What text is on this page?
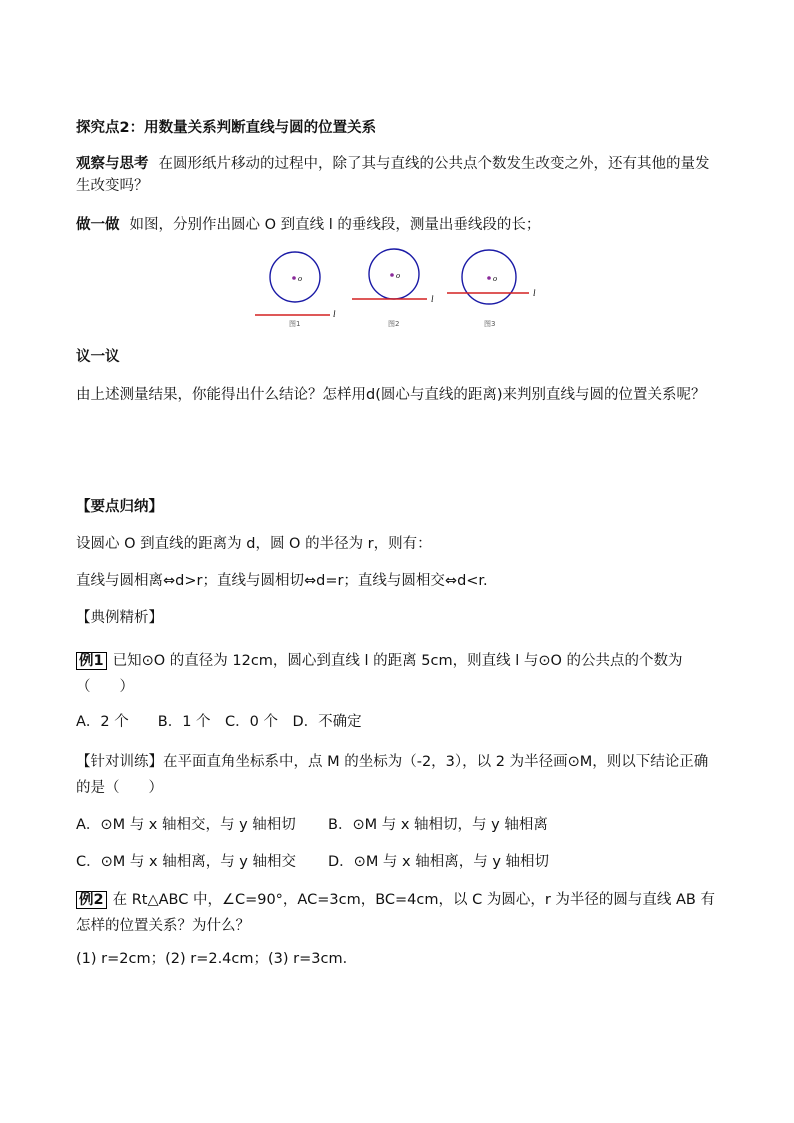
探究点2：用数量关系判断直线与圆的位置关系
观察与思考 在圆形纸片移动的过程中，除了其与直线的公共点个数发生改变之外，还有其他的量发生改变吗？
做一做 如图，分别作出圆心 O 到直线 l 的垂线段，测量出垂线段的长；
o
l
图1
o
l
图2
o
l
图3
议一议
由上述测量结果，你能得出什么结论？怎样用d(圆心与直线的距离)来判别直线与圆的位置关系呢？
【要点归纳】
设圆心 O 到直线的距离为 d，圆 O 的半径为 r，则有：
直线与圆相离⇔d>r；直线与圆相切⇔d=r；直线与圆相交⇔d<r.
【典例精析】
例1 已知⊙O 的直径为 12cm，圆心到直线 l 的距离 5cm，则直线 l 与⊙O 的公共点的个数为（　　）
A．2 个　　B．1 个　C．0 个　D．不确定
【针对训练】在平面直角坐标系中，点 M 的坐标为（-2，3），以 2 为半径画⊙M，则以下结论正确的是（　　）
A．⊙M 与 x 轴相交，与 y 轴相切 B．⊙M 与 x 轴相切，与 y 轴相离
C．⊙M 与 x 轴相离，与 y 轴相交 D．⊙M 与 x 轴相离，与 y 轴相切
例2 在 Rt△ABC 中，∠C=90°，AC=3cm，BC=4cm，以 C 为圆心，r 为半径的圆与直线 AB 有怎样的位置关系？为什么？
(1) r=2cm；(2) r=2.4cm；(3) r=3cm．
